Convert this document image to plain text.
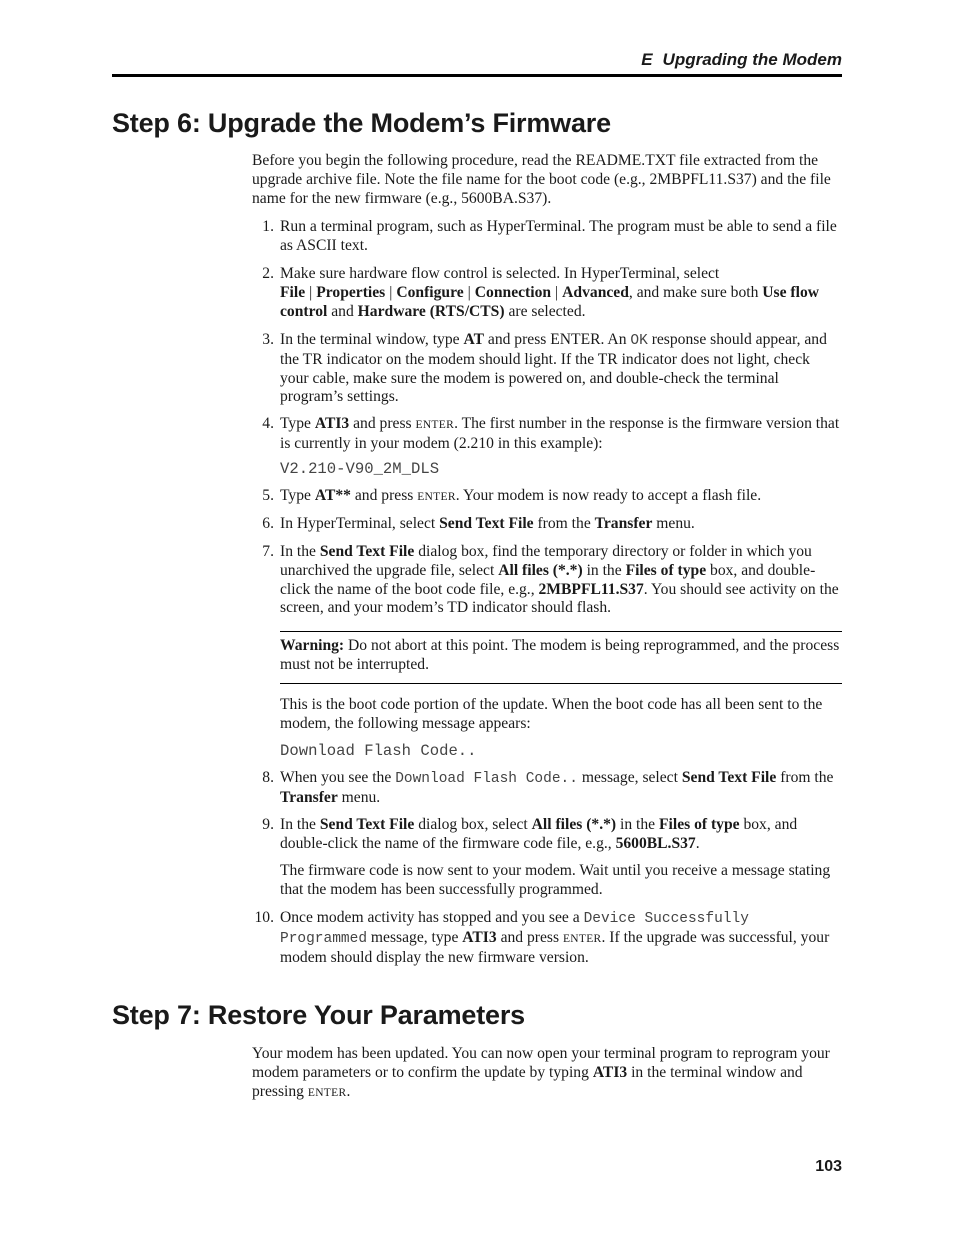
E Upgrading the Modem
Step 6: Upgrade the Modem’s Firmware

Before you begin the following procedure, read the README.TXT file extracted from the upgrade archive file. Note the file name for the boot code (e.g., 2MBPFL11.S37) and the file name for the new firmware (e.g., 5600BA.S37).

1. Run a terminal program, such as HyperTerminal. The program must be able to send a file as ASCII text.
2. Make sure hardware flow control is selected. In HyperTerminal, select File | Properties | Configure | Connection | Advanced, and make sure both Use flow control and Hardware (RTS/CTS) are selected.
3. In the terminal window, type AT and press ENTER. An OK response should appear, and the TR indicator on the modem should light. If the TR indicator does not light, check your cable, make sure the modem is powered on, and double-check the terminal program’s settings.
4. Type ATI3 and press ENTER. The first number in the response is the firmware version that is currently in your modem (2.210 in this example):
V2.210-V90_2M_DLS
5. Type AT** and press ENTER. Your modem is now ready to accept a flash file.
6. In HyperTerminal, select Send Text File from the Transfer menu.
7. In the Send Text File dialog box, find the temporary directory or folder in which you unarchived the upgrade file, select All files (*.*) in the Files of type box, and double-click the name of the boot code file, e.g., 2MBPFL11.S37. You should see activity on the screen, and your modem’s TD indicator should flash.
Warning: Do not abort at this point. The modem is being reprogrammed, and the process must not be interrupted.
This is the boot code portion of the update. When the boot code has all been sent to the modem, the following message appears:
Download Flash Code..
8. When you see the Download Flash Code.. message, select Send Text File from the Transfer menu.
9. In the Send Text File dialog box, select All files (*.*) in the Files of type box, and double-click the name of the firmware code file, e.g., 5600BL.S37.
The firmware code is now sent to your modem. Wait until you receive a message stating that the modem has been successfully programmed.
10. Once modem activity has stopped and you see a Device Successfully Programmed message, type ATI3 and press ENTER. If the upgrade was successful, your modem should display the new firmware version.
Step 7: Restore Your Parameters

Your modem has been updated. You can now open your terminal program to reprogram your modem parameters or to confirm the update by typing ATI3 in the terminal window and pressing ENTER.

103
